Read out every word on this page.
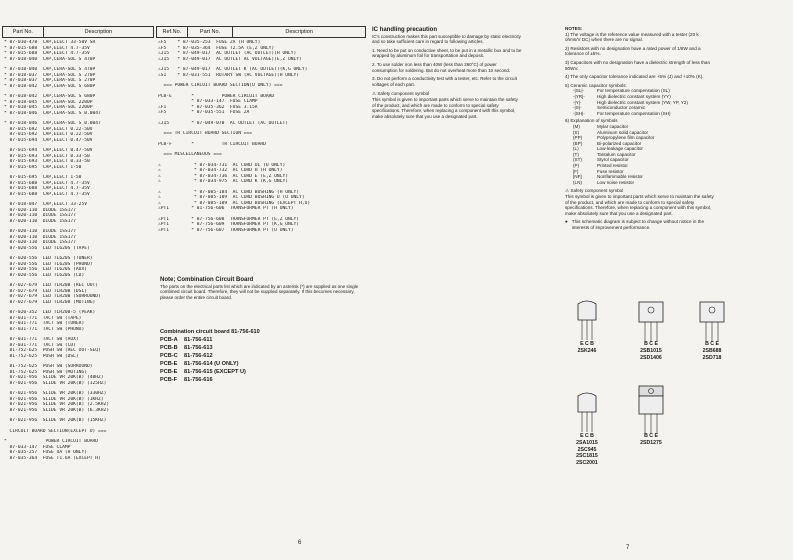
Part No.	Description
* 87-010-478  CAP,ELECT 33-50V SR
* 87-015-688  CAP,ELECT 4.7-35V
* 87-015-688  CAP,ELECT 4.7-35V
* 87-018-040  CAP,CERA-SOL S 470P
* 87-018-040  CAP,CERA-SOL S 470P
* 87-018-037  CAP,CERA-SOL S 270P
* 87-018-037  CAP,CERA-SOL S 270P
* 87-018-042  CAP,CERA-SOL S 680P
* 87-018-042  CAP,CERA-SOL S 680P
* 87-018-045  CAP,CERA-SOL 2200P
* 87-018-045  CAP,CERA-SOL 2200P
* 87-018-046  CAP,CERA-SOL S 0.0047
* 87-018-046  CAP,CERA-SOL S 0.0047
87-015-692  CAP,ELECT 0.22-50V
87-015-692  CAP,ELECT 0.22-50V
87-015-694  CAP,ELECT 0.47-50V
87-015-694  CAP,ELECT 0.47-50V
87-015-693  CAP,ELECT 0.33-50
87-015-693  CAP,ELECT 0.33-50
87-015-695  CAP,ELECT 1-50
87-015-695  CAP,ELECT 1-50
87-015-688  CAP,ELECT 4.7-35V
87-015-688  CAP,ELECT 4.7-35V
87-015-688  CAP,ELECT 4.7-35V
87-018-047  CAP,ELECT 33-25V
87-020-110  DIODE 1SS177
87-020-110  DIODE 1SS177
87-020-110  DIODE 1SS177
87-020-110  DIODE 1SS177
87-020-110  DIODE 1SS177
87-020-110  DIODE 1SS177
87-020-556  LED TL620S (TAPE)
87-020-556  LED TL620S (TUNER)
87-020-556  LED TL620S (PHONO)
87-020-556  LED TL620S (AUX)
87-020-556  LED TL620S (CD)
87-027-679  LED TLR208 (REC OUT)
87-027-679  LED TLR208 (DSL)
87-027-679  LED TLR208 (SURROUND)
87-027-679  LED TLR208 (MUTING)
87-020-352  LED TLR208-5 (PEAK)
87-031-771  TACT SW (TAPE)
87-031-771  TACT SW (TUNER)
87-031-771  TACT SW (PHONO)
87-031-771  TACT SW (AUX)
87-031-771  TACT SW (CD)
81-752-625  PUSH SW (REC OUT-SEQ)
81-752-625  PUSH SW (DSL)
81-752-625  PUSH SW (SURROUND)
81-752-625  PUSH SW (MUTING)
87-021-956  SLIDE VR 20K(B) (40HZ)
87-021-956  SLIDE VR 20K(B) (125HZ)
87-021-956  SLIDE VR 20K(B) (330HZ)
87-021-956  SLIDE VR 20K(B) (1KHZ)
87-021-956  SLIDE VR 20K(B) (2.5KHZ)
87-021-956  SLIDE VR 20K(B) (6.3KHZ)
87-021-956  SLIDE VR 20K(B) (15KHZ)
CIRCUIT BOARD SECTION(EXCEPT U) ===
*              POWER CIRCUIT BOARD
87-033-147  FUSE CLAMP
87-035-257  FUSE 4A (H ONLY)
87-035-364  FUSE T1.6A (EXCEPT H)
Ref.No.	Part No.	Description
⚠F5    * 87-035-253  FUSE 2A (H ONLY)
⚠F5    * 87-035-364  FUSE T2.5A (E,Z ONLY)
⚠J15   * 87-049-017  AC OUTLET (AC OUTLET)(H ONLY)
⚠J15   * 87-049-017  AC OUTLET AC VOLTAGE)(E,Z ONLY)
⚠J15   * 87-049-017  AC OUTLET K (AC OUTLET)(K,G ONLY)
⚠S1    * 87-031-551  ROTARY SW (AC VOLTAGE)(H ONLY)
=== POWER CIRCUIT BOARD SECTION(U ONLY) ===
PCB-E       *          POWER CIRCUIT BOARD
* 87-033-147  FUSE CLAMP
⚠F1         * 87-035-362  FUSE 3.15A
⚠F5         * 87-035-551  FUSE 2A
⚠J15        * 87-049-070  AC OUTLET (AC OUTLET)
=== TR CIRCUIT BOARD SECTION ===
PCB-F       *          TR CIRCUIT BOARD
=== MISCELLANEOUS ===
⚠            * 87-034-731  AC CORD UL (U ONLY)
⚠            * 87-034-732  AC CORD H (H ONLY)
⚠            * 87-034-736  AC CORD E (E,Z ONLY)
⚠            * 87-034-975  AC CORD K (K,G ONLY)
⚠            * 87-085-184  AC CORD BUSHING (H ONLY)
⚠            * 87-085-189  AC CORD BUSHING U (U ONLY)
⚠            * 87-085-189  AC CORD BUSHING (EXCEPT H,U)
⚠PT1        * 81-756-606  TRANSFORMER PT (H ONLY)
⚠PT1        * 87-756-608  TRANSFORMER PT (E,Z ONLY)
⚠PT1        * 87-756-609  TRANSFORMER PT (K,G ONLY)
⚠PT1        * 87-756-607  TRANSFORMER PT (U ONLY)
Note; Combination Circuit Board
The parts on the electrical parts list which are indicated by an asterisk (*) are supplied as one single combined circuit board. Therefore, they will not be supplied separately. If this becomes necessary, please order the entire circuit board.
Combination circuit board 81-756-610
PCB-A	81-756-611
PCB-B	81-756-613
PCB-C	81-756-612
PCB-E	81-756-614 (U ONLY)
PCB-E	81-756-615 (EXCEPT U)
PCB-F	81-756-616
IC handling precaution

IC's construction makes this part susceptible to damage by static electricity and so take sufficient care in regard to following articles.

1. Need to be put on conductive sheet, to be put in a metallic box and to be wrapped by aluminum foil for transportation and deposit.

2. To use solder iron less than 40W (less than 260°C) of power consumption for soldering. But do not overheat more than 10 second.

3. Do not perform a conductivity test with a tester, etc. Refer to the circuit voltages of each part.

⚠ Safety component symbol

This symbol is given to important parts which serve to maintain the safety of the product, and which are made to conform to special safety specifications. Therefore, when replacing a component with this symbol, make absolutely sure that you use a designated part.

NOTES:

1) The voltage is the reference value measured with a tester (20 k ohms/V DC) when there are no signal.

2) Resistors with no designation have a rated power of 1/8W and a tolerance of ±5%.

3) Capacitors with no designation have a dielectric strength of less than 50WV.

4) The only capacitor tolerance indicated are +5% (J) and +10% (K).

5) Ceramic capacitor symbols:
-|SL|-	For temperature compensation (SL)
-|YR|-	High dielectric constant system (YY)
-|Y|-	High dielectric constant system (YW, YP, Y2)
-|S|-	Semiconductor ceramic
-|SH|-	For temperature compensation (SH)
6) Explanation of symbols
(M)	Mylar capacitor
(S)	Aluminum solid capacitor
(PP)	Polypropylene film capacitor
(BP)	Bi-polarized capacitor
(L)	Low-leakage capacitor
(T)	Tantalum capacitor
(ST)	Styrol capacitor
(P)	Printed resistor
[F]	Fuse resistor
[NF]	Nonflammable resistor
(LN)	Low noise resistor
⚠ Safety component symbol

This symbol is given to important parts which serve to maintain the safety of the product, and which are made to conform to special safety specifications. Therefore, when replacing a component with this symbol, make absolutely sure that you use a designated part.

● This schematic diagram is subject to change without notice in the interests of improvement performance.
E C B
2SK246
B C E
2SB1015
2SD1406
B C E
2SB688
2SD718
E C B
2SA1015
2SC945
2SC1815
2SC2001
B C E
2SD1275
6
7
